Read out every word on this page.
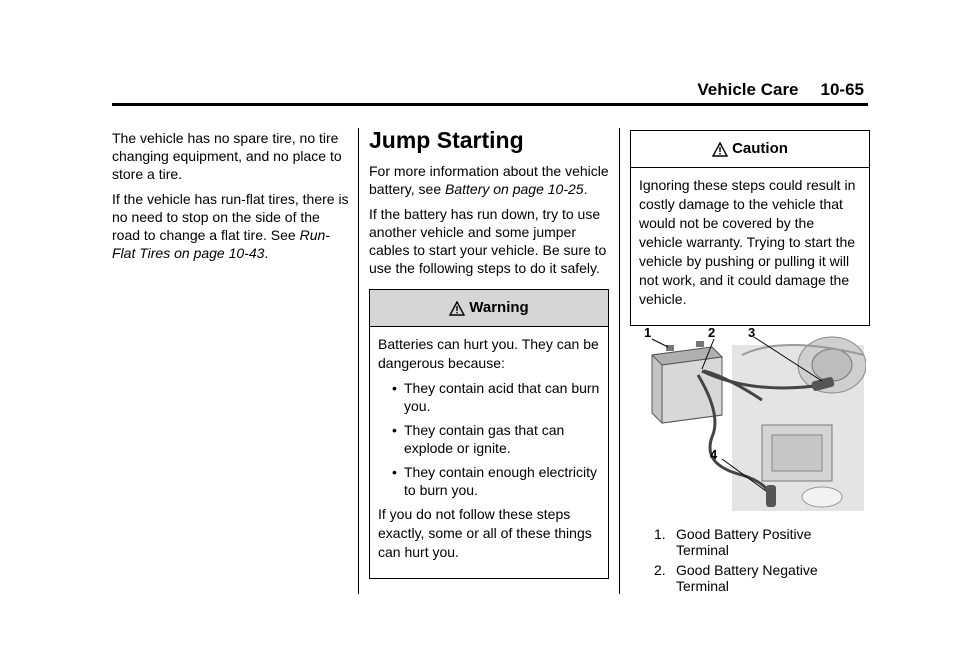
Vehicle Care 10-65

The vehicle has no spare tire, no tire changing equipment, and no place to store a tire.

If the vehicle has run-flat tires, there is no need to stop on the side of the road to change a flat tire. See Run-Flat Tires on page 10-43.

Jump Starting

For more information about the vehicle battery, see Battery on page 10-25.

If the battery has run down, try to use another vehicle and some jumper cables to start your vehicle. Be sure to use the following steps to do it safely.

Warning

Batteries can hurt you. They can be dangerous because:

• They contain acid that can burn you.
• They contain gas that can explode or ignite.
• They contain enough electricity to burn you.

If you do not follow these steps exactly, some or all of these things can hurt you.

Caution

Ignoring these steps could result in costly damage to the vehicle that would not be covered by the vehicle warranty. Trying to start the vehicle by pushing or pulling it will not work, and it could damage the vehicle.

1	2	3
4
1. Good Battery Positive Terminal
2. Good Battery Negative Terminal
